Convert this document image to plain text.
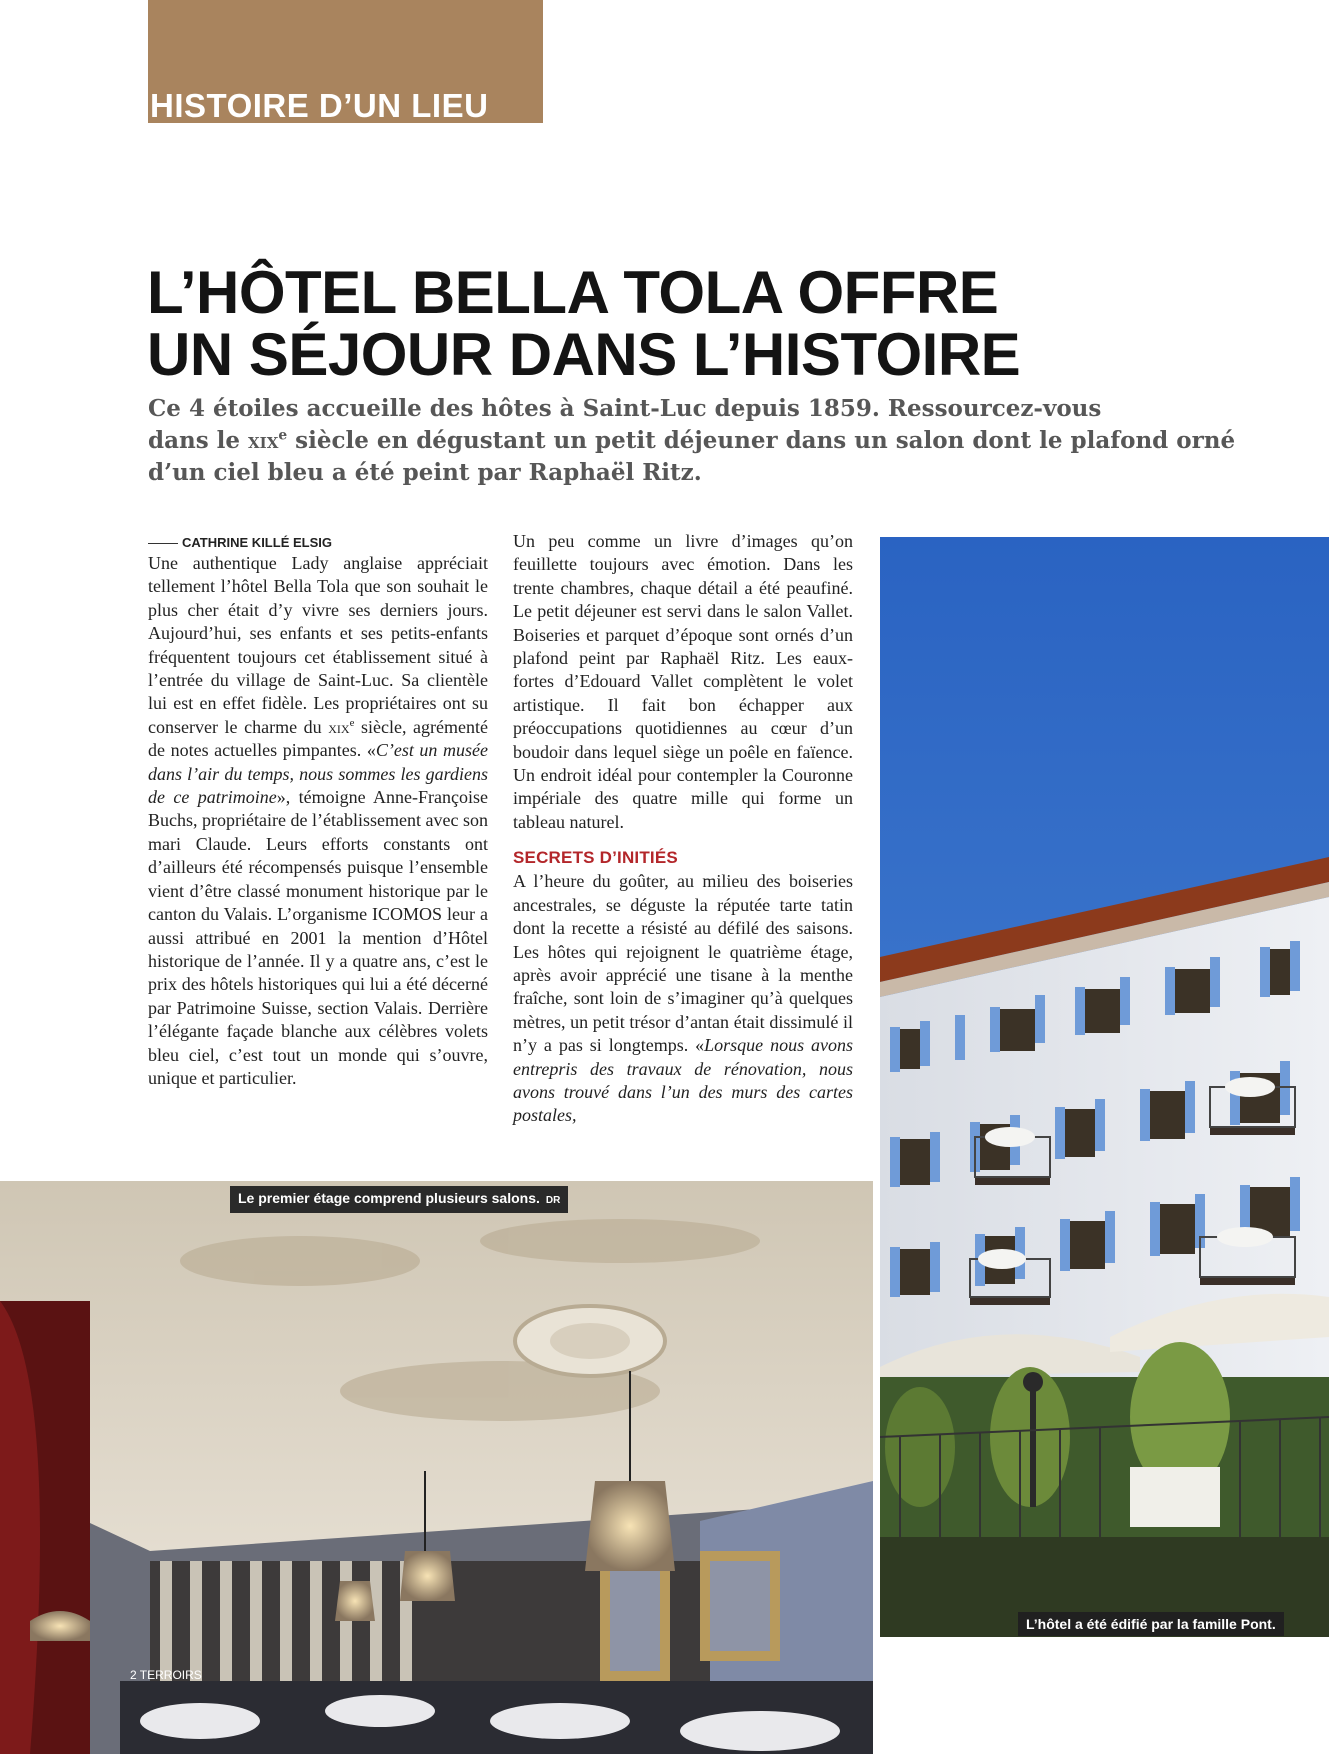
HISTOIRE D’UN LIEU
L’HÔTEL BELLA TOLA OFFRE
UN SÉJOUR DANS L’HISTOIRE

Ce 4 étoiles accueille des hôtes à Saint-Luc depuis 1859. Ressourcez-vous
dans le xix$^e$ siècle en dégustant un petit déjeuner dans un salon dont le plafond orné
d’un ciel bleu a été peint par Raphaël Ritz.

CATHRINE KILLÉ ELSIG

Une authentique Lady anglaise appréciait tellement l’hôtel Bella Tola que son souhait le plus cher était d’y vivre ses derniers jours. Aujourd’hui, ses enfants et ses petits-enfants fréquentent toujours cet établissement situé à l’entrée du village de Saint-Luc. Sa clientèle lui est en effet fidèle. Les propriétaires ont su conserver le charme du xix$^e$ siècle, agrémenté de notes actuelles pimpantes. «C’est un musée dans l’air du temps, nous sommes les gardiens de ce patrimoine», témoigne Anne-Françoise Buchs, propriétaire de l’établissement avec son mari Claude. Leurs efforts constants ont d’ailleurs été récompensés puisque l’ensemble vient d’être classé monument historique par le canton du Valais. L’organisme ICOMOS leur a aussi attribué en 2001 la mention d’Hôtel historique de l’année. Il y a quatre ans, c’est le prix des hôtels historiques qui lui a été décerné par Patrimoine Suisse, section Valais. Derrière l’élégante façade blanche aux célèbres volets bleu ciel, c’est tout un monde qui s’ouvre, unique et particulier.

Un peu comme un livre d’images qu’on feuillette toujours avec émotion. Dans les trente chambres, chaque détail a été peaufiné. Le petit déjeuner est servi dans le salon Vallet. Boiseries et parquet d’époque sont ornés d’un plafond peint par Raphaël Ritz. Les eaux-fortes d’Edouard Vallet complètent le volet artistique. Il fait bon échapper aux préoccupations quotidiennes au cœur d’un boudoir dans lequel siège un poêle en faïence. Un endroit idéal pour contempler la Couronne impériale des quatre mille qui forme un tableau naturel.

SECRETS D’INITIÉS

A l’heure du goûter, au milieu des boiseries ancestrales, se déguste la réputée tarte tatin dont la recette a résisté au défilé des saisons. Les hôtes qui rejoignent le quatrième étage, après avoir apprécié une tisane à la menthe fraîche, sont loin de s’imaginer qu’à quelques mètres, un petit trésor d’antan était dissimulé il n’y a pas si longtemps. «Lorsque nous avons entrepris des travaux de rénovation, nous avons trouvé dans l’un des murs des cartes postales,

Le premier étage comprend plusieurs salons. DR
L’hôtel a été édifié par la famille Pont.
2 TERROIRS
